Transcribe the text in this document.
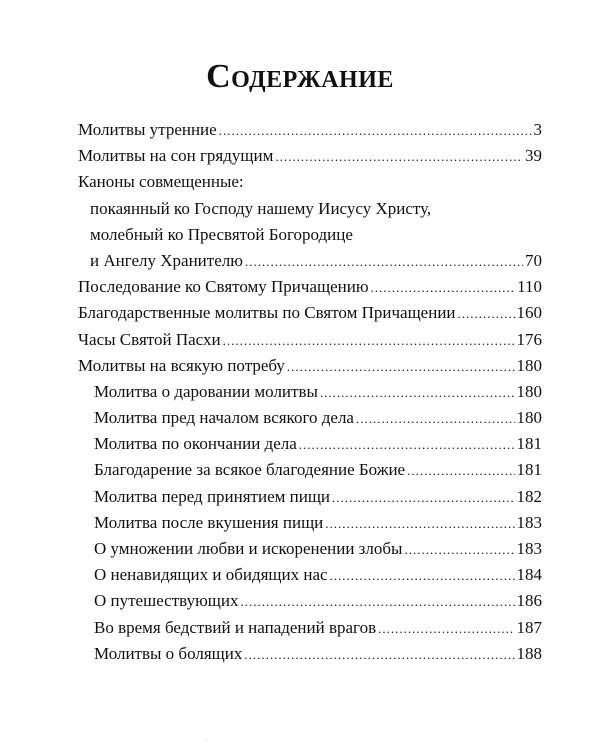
Содержание
Молитвы утренние .....	3
Молитвы на сон грядущим .....	39
Каноны совмещенные:
покаянный ко Господу нашему Иисусу Христу,
молебный ко Пресвятой Богородице
и Ангелу Хранителю .....	70
Последование ко Святому Причащению .....	110
Благодарственные молитвы по Святом Причащении .....	160
Часы Святой Пасхи .....	176
Молитвы на всякую потребу .....	180
Молитва о даровании молитвы .....	180
Молитва пред началом всякого дела .....	180
Молитва по окончании дела .....	181
Благодарение за всякое благодеяние Божие .....	181
Молитва перед принятием пищи .....	182
Молитва после вкушения пищи .....	183
О умножении любви и искоренении злобы .....	183
О ненавидящих и обидящих нас .....	184
О путешествующих .....	186
Во время бедствий и нападений врагов .....	187
Молитвы о болящих .....	188
·
